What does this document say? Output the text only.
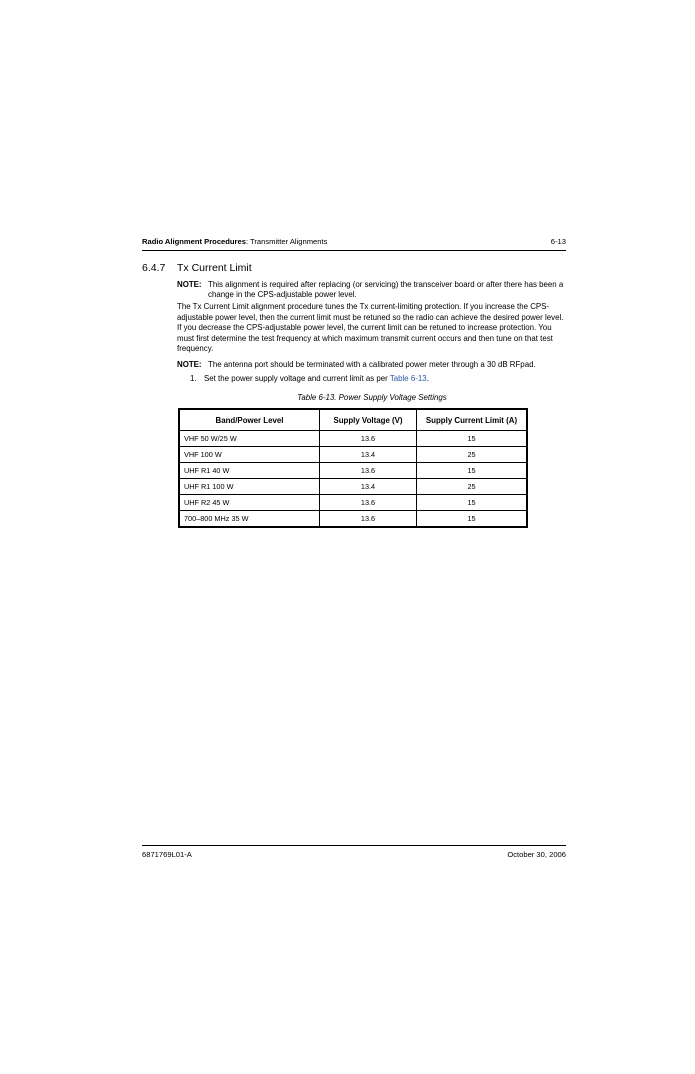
Radio Alignment Procedures: Transmitter Alignments	6-13
6.4.7 Tx Current Limit
NOTE: This alignment is required after replacing (or servicing) the transceiver board or after there has been a change in the CPS-adjustable power level.
The Tx Current Limit alignment procedure tunes the Tx current-limiting protection. If you increase the CPS-adjustable power level, then the current limit must be retuned so the radio can achieve the desired power level. If you decrease the CPS-adjustable power level, the current limit can be retuned to increase protection. You must first determine the test frequency at which maximum transmit current occurs and then tune on that test frequency.
NOTE: The antenna port should be terminated with a calibrated power meter through a 30 dB RFpad.
1. Set the power supply voltage and current limit as per Table 6-13.
Table 6-13. Power Supply Voltage Settings
Band/Power Level	Supply Voltage (V)	Supply Current Limit (A)
VHF 50 W/25 W	13.6	15
VHF 100 W	13.4	25
UHF R1 40 W	13.6	15
UHF R1 100 W	13.4	25
UHF R2 45 W	13.6	15
700–800 MHz 35 W	13.6	15
6871769L01-A	October 30, 2006
